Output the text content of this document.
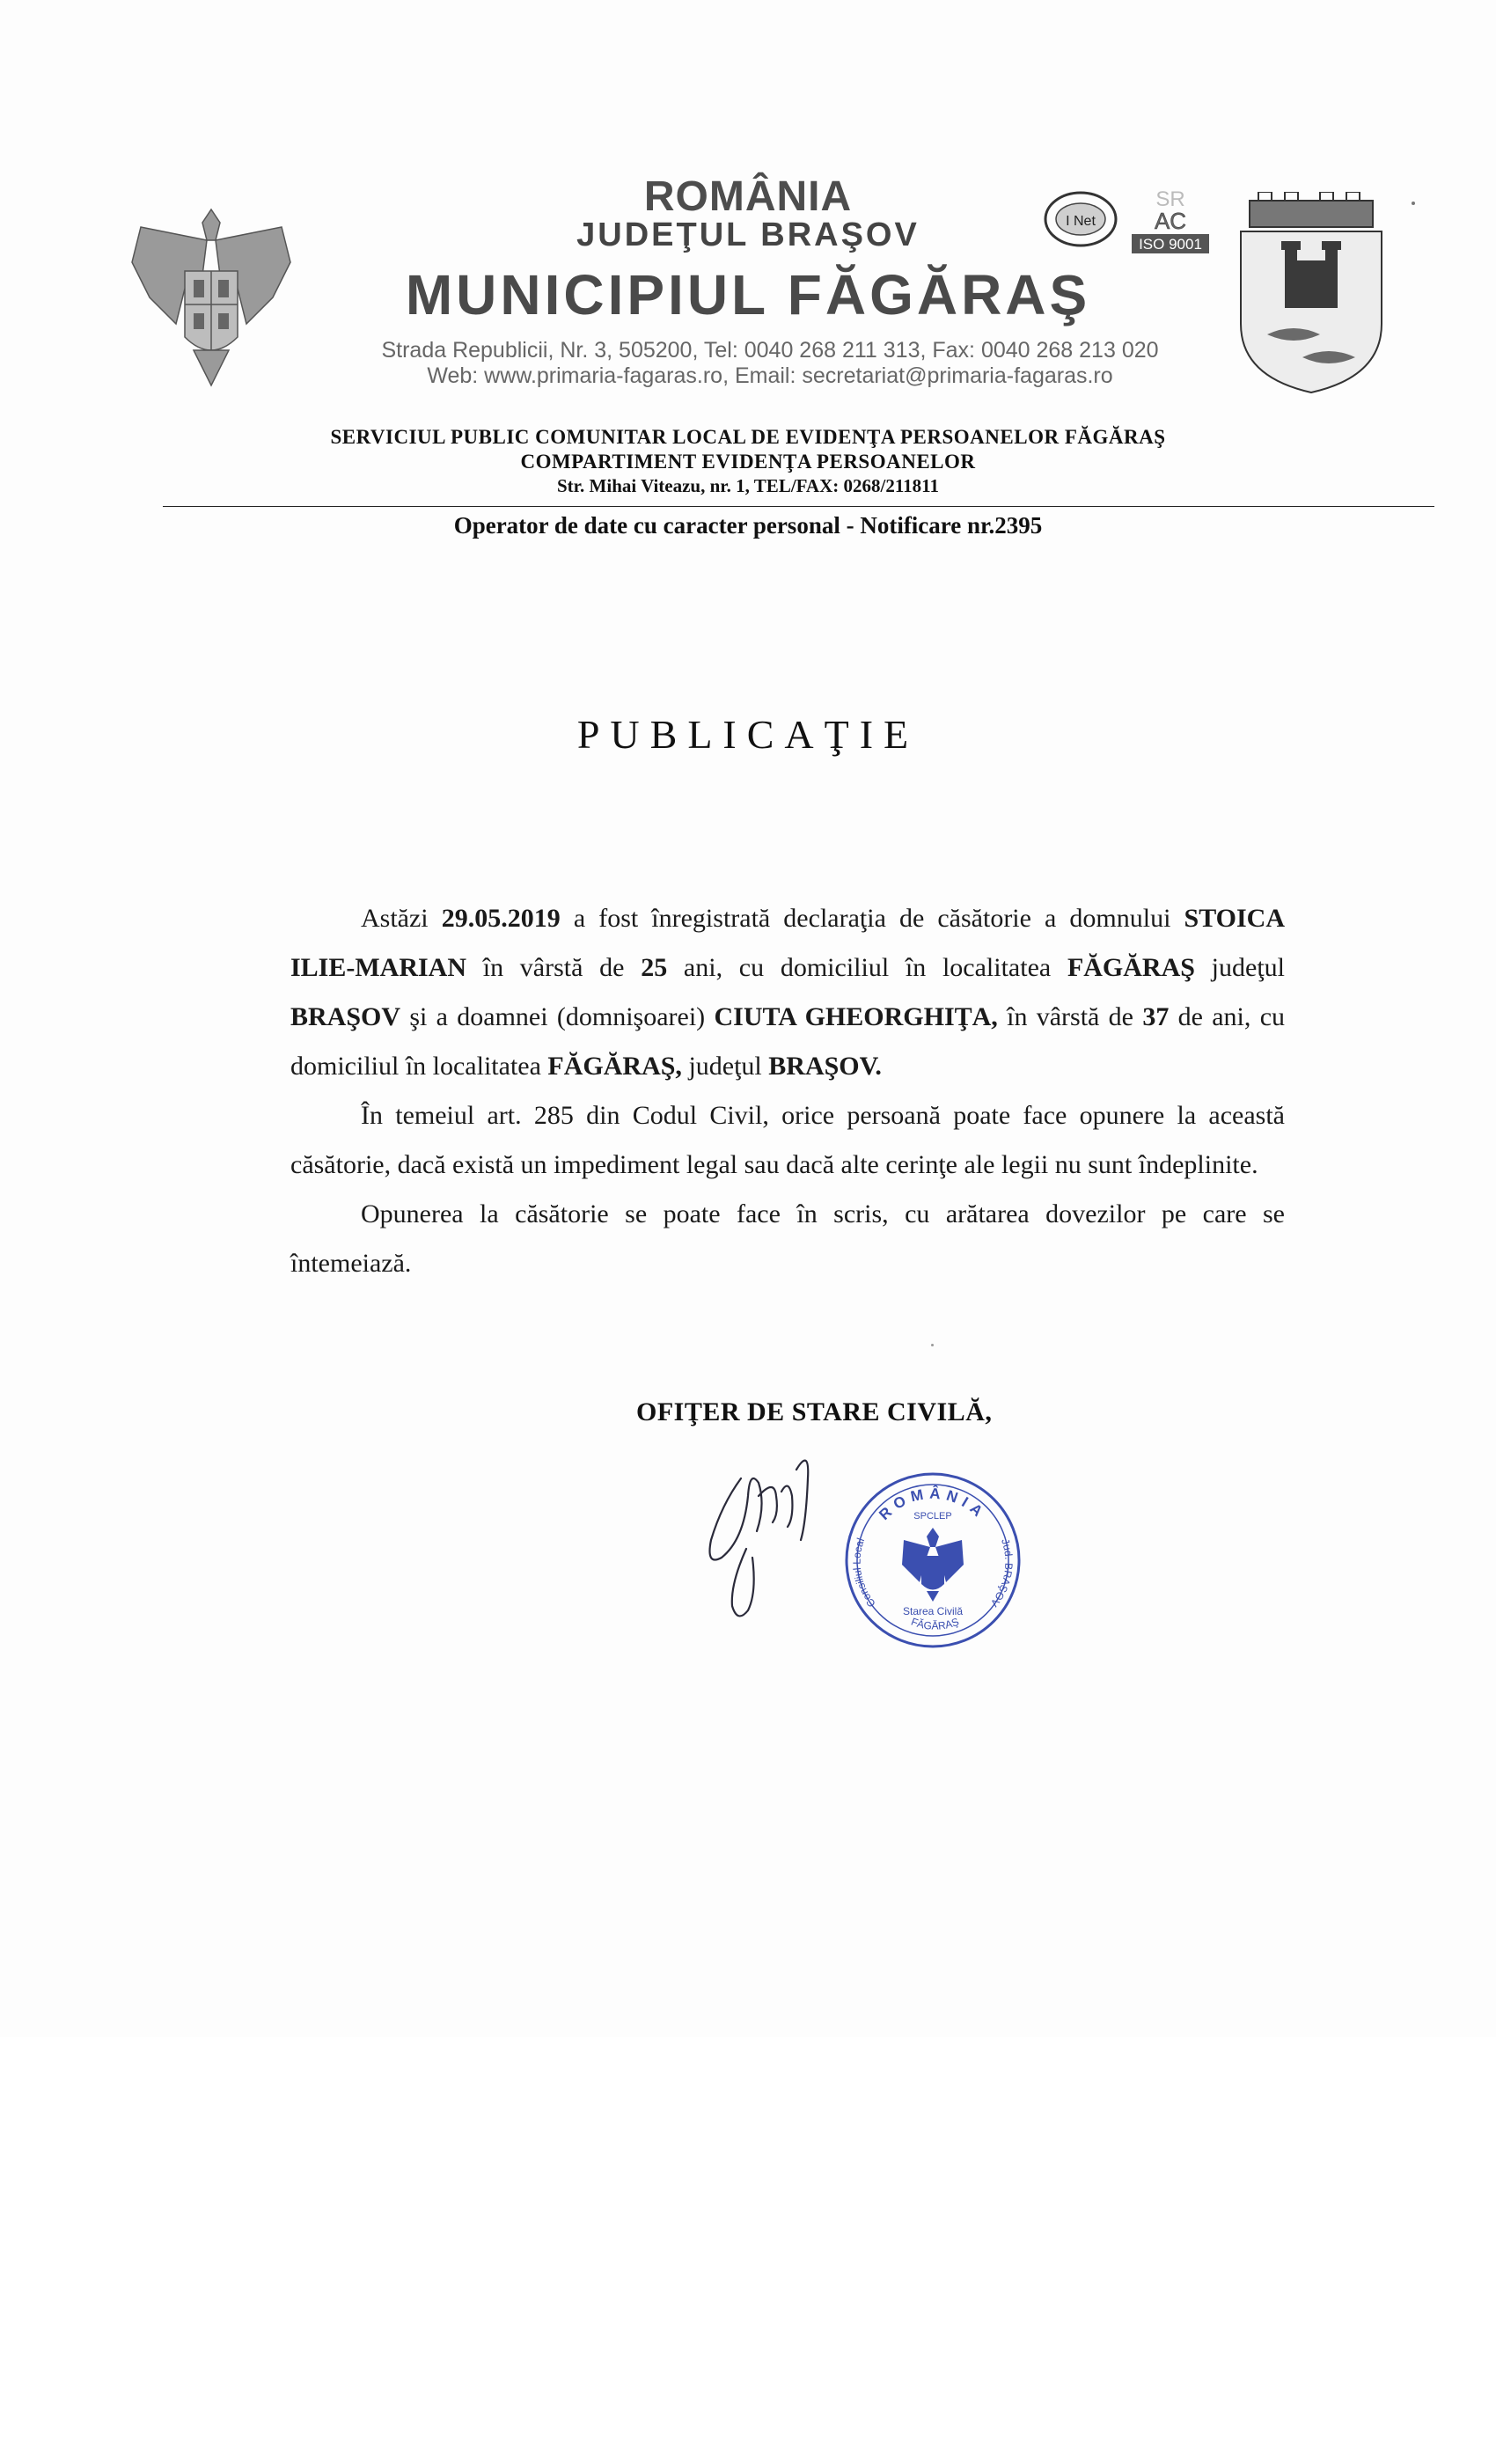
I Net
SR
AC
ISO 9001
ROMÂNIA
JUDEŢUL BRAŞOV
MUNICIPIUL FĂGĂRAŞ
Strada Republicii, Nr. 3, 505200, Tel: 0040 268 211 313, Fax: 0040 268 213 020
Web: www.primaria-fagaras.ro, Email: secretariat@primaria-fagaras.ro
SERVICIUL PUBLIC COMUNITAR LOCAL DE EVIDENŢA PERSOANELOR FĂGĂRAŞ
COMPARTIMENT EVIDENŢA PERSOANELOR
Str. Mihai Viteazu, nr. 1, TEL/FAX: 0268/211811
Operator de date cu caracter personal - Notificare nr.2395
PUBLICAŢIE

Astăzi 29.05.2019 a fost înregistrată declaraţia de căsătorie a domnului STOICA ILIE-MARIAN în vârstă de 25 ani, cu domiciliul în localitatea FĂGĂRAŞ judeţul BRAŞOV şi a doamnei (domnişoarei) CIUTA GHEORGHIŢA, în vârstă de 37 de ani, cu domiciliul în localitatea FĂGĂRAŞ, judeţul BRAŞOV.

În temeiul art. 285 din Codul Civil, orice persoană poate face opunere la această căsătorie, dacă există un impediment legal sau dacă alte cerinţe ale legii nu sunt îndeplinite.

Opunerea la căsătorie se poate face în scris, cu arătarea dovezilor pe care se întemeiază.

OFIŢER DE STARE CIVILĂ,
ROMÂNIA
SPCLEP
Consiliul Local	Jud. BRAŞOV
FĂGĂRAŞ
Starea Civilă
